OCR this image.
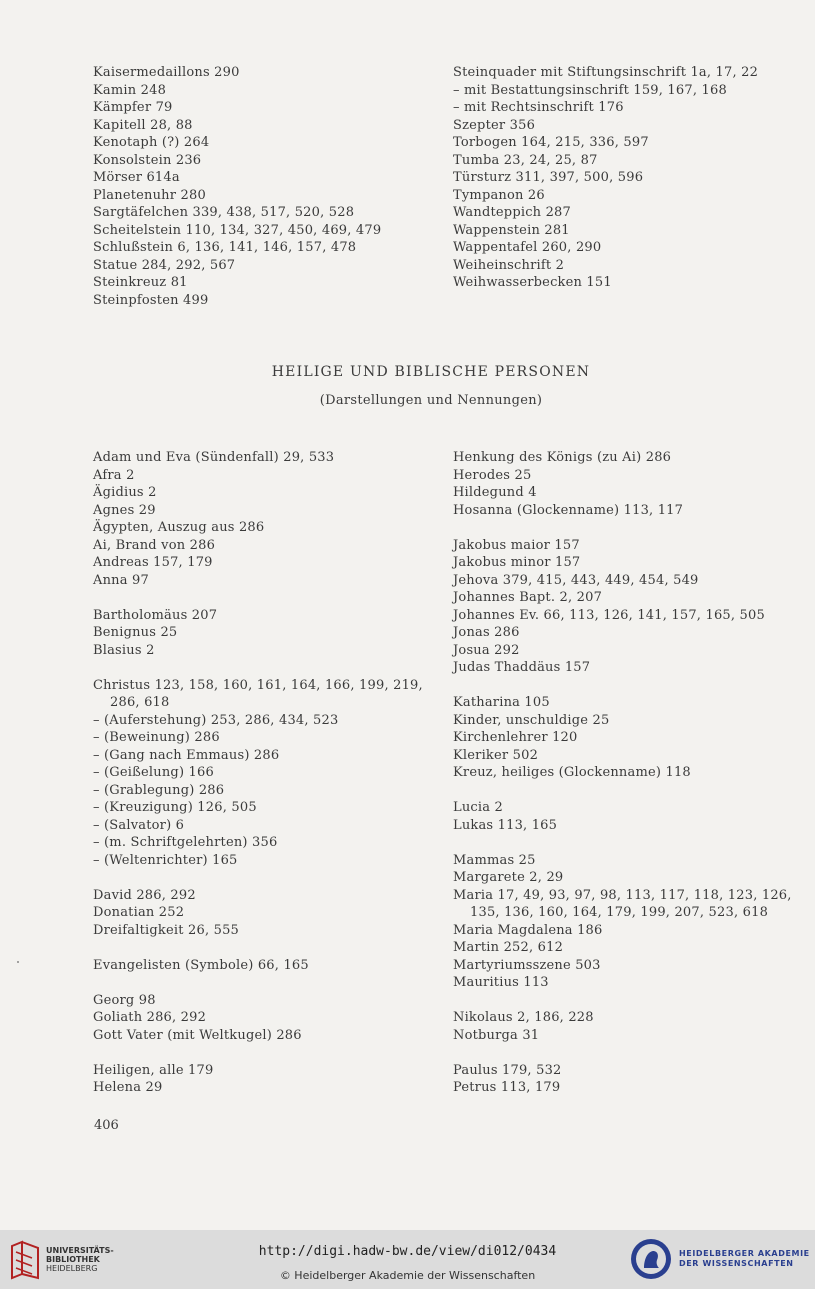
Kaisermedaillons 290
Kamin 248
Kämpfer 79
Kapitell 28, 88
Kenotaph (?) 264
Konsolstein 236
Mörser 614a
Planetenuhr 280
Sargtäfelchen 339, 438, 517, 520, 528
Scheitelstein 110, 134, 327, 450, 469, 479
Schlußstein 6, 136, 141, 146, 157, 478
Statue 284, 292, 567
Steinkreuz 81
Steinpfosten 499
Steinquader mit Stiftungsinschrift 1a, 17, 22
– mit Bestattungsinschrift 159, 167, 168
– mit Rechtsinschrift 176
Szepter 356
Torbogen 164, 215, 336, 597
Tumba 23, 24, 25, 87
Türsturz 311, 397, 500, 596
Tympanon 26
Wandteppich 287
Wappenstein 281
Wappentafel 260, 290
Weiheinschrift 2
Weihwasserbecken 151
HEILIGE UND BIBLISCHE PERSONEN
(Darstellungen und Nennungen)
Adam und Eva (Sündenfall) 29, 533
Afra 2
Ägidius 2
Agnes 29
Ägypten, Auszug aus 286
Ai, Brand von 286
Andreas 157, 179
Anna 97
Bartholomäus 207
Benignus 25
Blasius 2
Christus 123, 158, 160, 161, 164, 166, 199, 219,
286, 618
– (Auferstehung) 253, 286, 434, 523
– (Beweinung) 286
– (Gang nach Emmaus) 286
– (Geißelung) 166
– (Grablegung) 286
– (Kreuzigung) 126, 505
– (Salvator) 6
– (m. Schriftgelehrten) 356
– (Weltenrichter) 165
David 286, 292
Donatian 252
Dreifaltigkeit 26, 555
Evangelisten (Symbole) 66, 165
Georg 98
Goliath 286, 292
Gott Vater (mit Weltkugel) 286
Heiligen, alle 179
Helena 29
Henkung des Königs (zu Ai) 286
Herodes 25
Hildegund 4
Hosanna (Glockenname) 113, 117
Jakobus maior 157
Jakobus minor 157
Jehova 379, 415, 443, 449, 454, 549
Johannes Bapt. 2, 207
Johannes Ev. 66, 113, 126, 141, 157, 165, 505
Jonas 286
Josua 292
Judas Thaddäus 157
Katharina 105
Kinder, unschuldige 25
Kirchenlehrer 120
Kleriker 502
Kreuz, heiliges (Glockenname) 118
Lucia 2
Lukas 113, 165
Mammas 25
Margarete 2, 29
Maria 17, 49, 93, 97, 98, 113, 117, 118, 123, 126,
135, 136, 160, 164, 179, 199, 207, 523, 618
Maria Magdalena 186
Martin 252, 612
Martyriumsszene 503
Mauritius 113
Nikolaus 2, 186, 228
Notburga 31
Paulus 179, 532
Petrus 113, 179
406
UNIVERSITÄTS-
BIBLIOTHEK
HEIDELBERG
http://digi.hadw-bw.de/view/di012/0434
© Heidelberger Akademie der Wissenschaften
HEIDELBERGER AKADEMIE
DER WISSENSCHAFTEN
